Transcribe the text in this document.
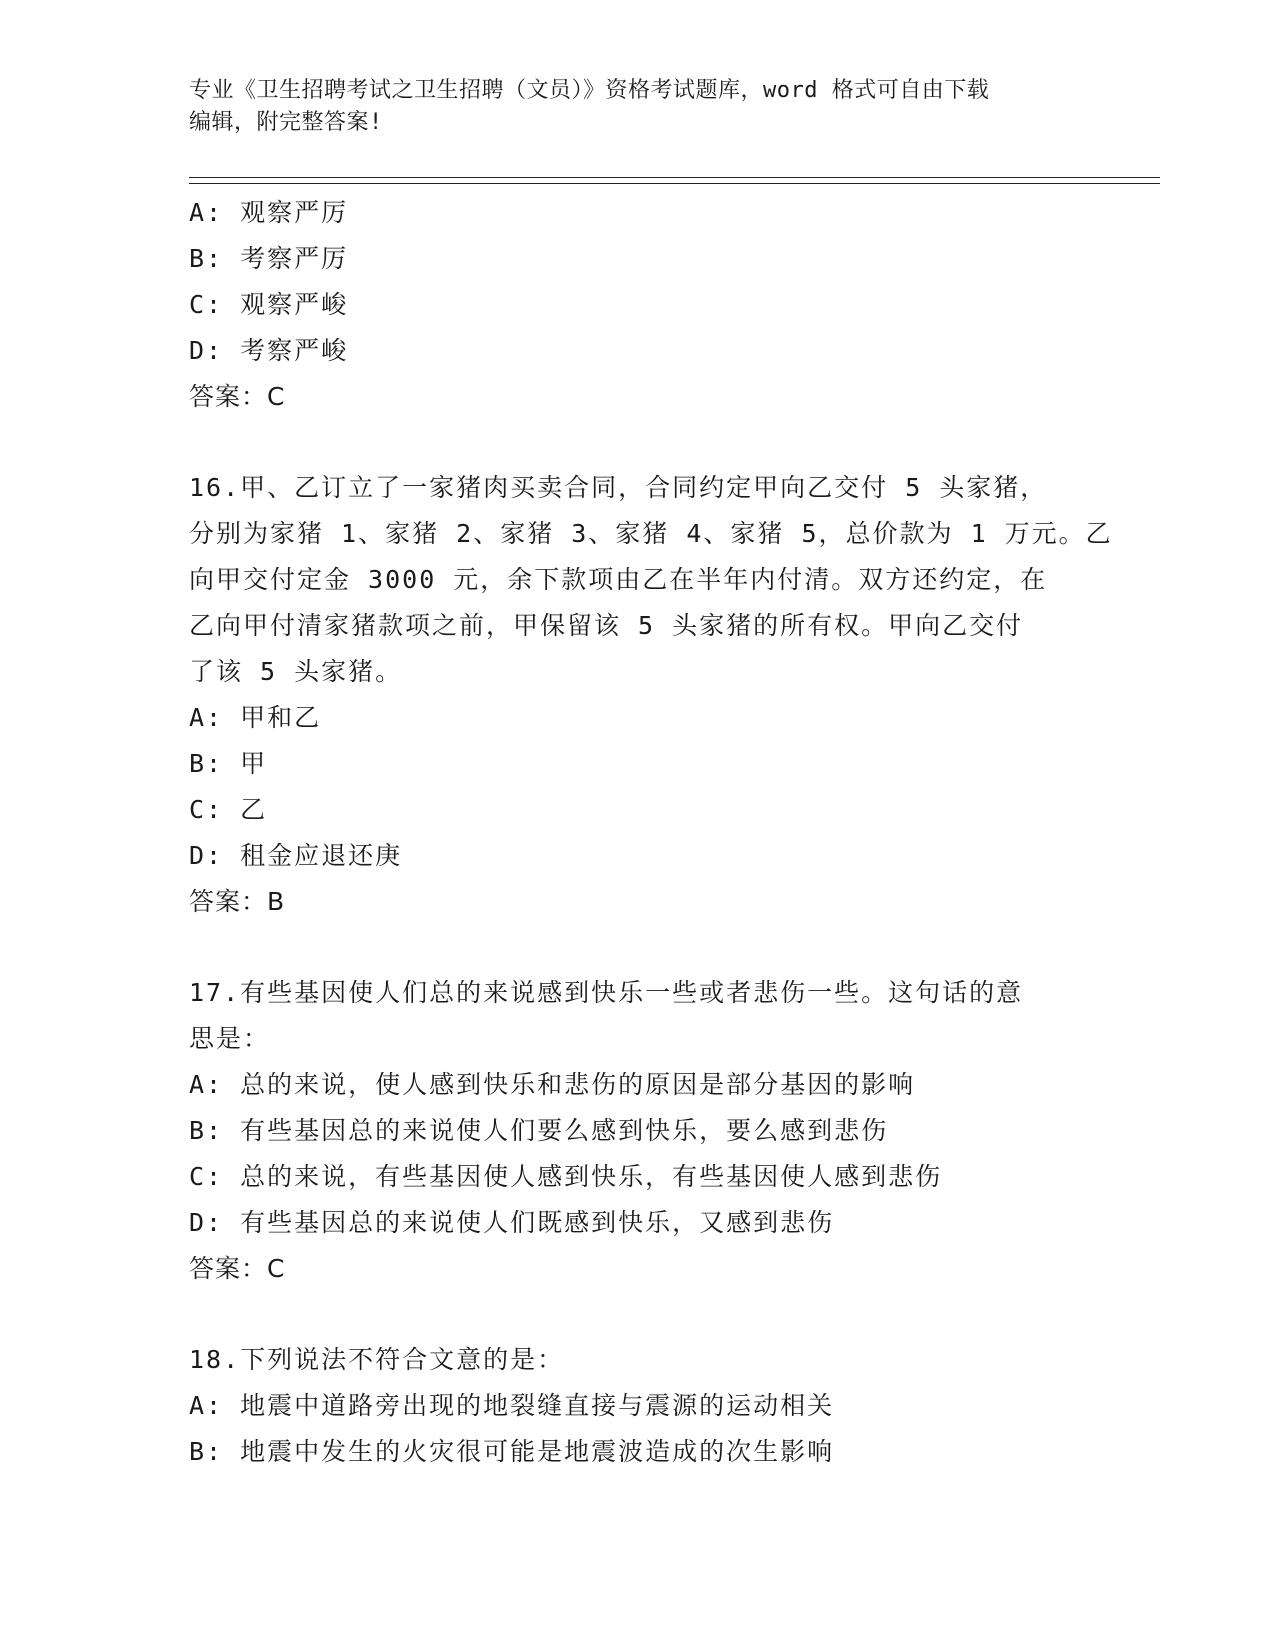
专业《卫生招聘考试之卫生招聘（文员）》资格考试题库，word 格式可自由下载
编辑，附完整答案!
A: 观察严厉
B: 考察严厉
C: 观察严峻
D: 考察严峻
答案：C
16.甲、乙订立了一家猪肉买卖合同，合同约定甲向乙交付 5 头家猪，
分别为家猪 1、家猪 2、家猪 3、家猪 4、家猪 5，总价款为 1 万元。乙
向甲交付定金 3000 元，余下款项由乙在半年内付清。双方还约定，在
乙向甲付清家猪款项之前，甲保留该 5 头家猪的所有权。甲向乙交付
了该 5 头家猪。
A: 甲和乙
B: 甲
C: 乙
D: 租金应退还庚
答案：B
17.有些基因使人们总的来说感到快乐一些或者悲伤一些。这句话的意
思是：
A: 总的来说，使人感到快乐和悲伤的原因是部分基因的影响
B: 有些基因总的来说使人们要么感到快乐，要么感到悲伤
C: 总的来说，有些基因使人感到快乐，有些基因使人感到悲伤
D: 有些基因总的来说使人们既感到快乐，又感到悲伤
答案：C
18.下列说法不符合文意的是：
A: 地震中道路旁出现的地裂缝直接与震源的运动相关
B: 地震中发生的火灾很可能是地震波造成的次生影响
